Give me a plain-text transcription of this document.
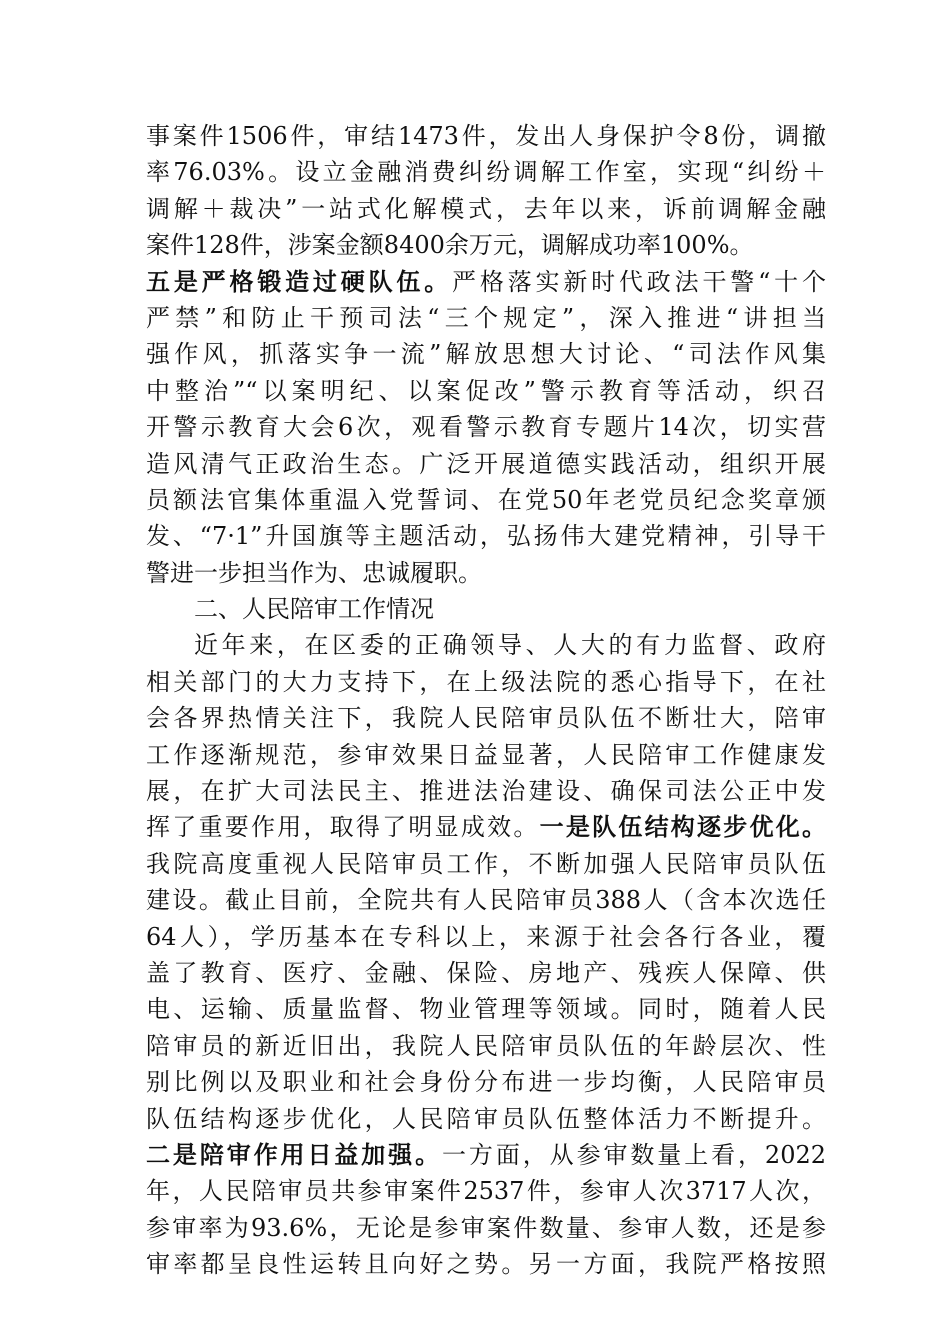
事案件1506件，审结1473件，发出人身保护令8份，调撤
率76.03%。设立金融消费纠纷调解工作室，实现“纠纷＋
调解＋裁决”一站式化解模式，去年以来，诉前调解金融
案件128件，涉案金额8400余万元，调解成功率100%。
五是严格锻造过硬队伍。严格落实新时代政法干警“十个
严禁”和防止干预司法“三个规定”，深入推进“讲担当
强作风，抓落实争一流”解放思想大讨论、“司法作风集
中整治”“以案明纪、以案促改”警示教育等活动，织召
开警示教育大会6次，观看警示教育专题片14次，切实营
造风清气正政治生态。广泛开展道德实践活动，组织开展
员额法官集体重温入党誓词、在党50年老党员纪念奖章颁
发、“7·1”升国旗等主题活动，弘扬伟大建党精神，引导干
警进一步担当作为、忠诚履职。
二、人民陪审工作情况
近年来，在区委的正确领导、人大的有力监督、政府
相关部门的大力支持下，在上级法院的悉心指导下，在社
会各界热情关注下，我院人民陪审员队伍不断壮大，陪审
工作逐渐规范，参审效果日益显著，人民陪审工作健康发
展，在扩大司法民主、推进法治建设、确保司法公正中发
挥了重要作用，取得了明显成效。一是队伍结构逐步优化。
我院高度重视人民陪审员工作，不断加强人民陪审员队伍
建设。截止目前，全院共有人民陪审员388人（含本次选任
64人），学历基本在专科以上，来源于社会各行各业，覆
盖了教育、医疗、金融、保险、房地产、残疾人保障、供
电、运输、质量监督、物业管理等领域。同时，随着人民
陪审员的新近旧出，我院人民陪审员队伍的年龄层次、性
别比例以及职业和社会身份分布进一步均衡，人民陪审员
队伍结构逐步优化，人民陪审员队伍整体活力不断提升。
二是陪审作用日益加强。一方面，从参审数量上看，2022
年，人民陪审员共参审案件2537件，参审人次3717人次，
参审率为93.6%，无论是参审案件数量、参审人数，还是参
审率都呈良性运转且向好之势。另一方面，我院严格按照
